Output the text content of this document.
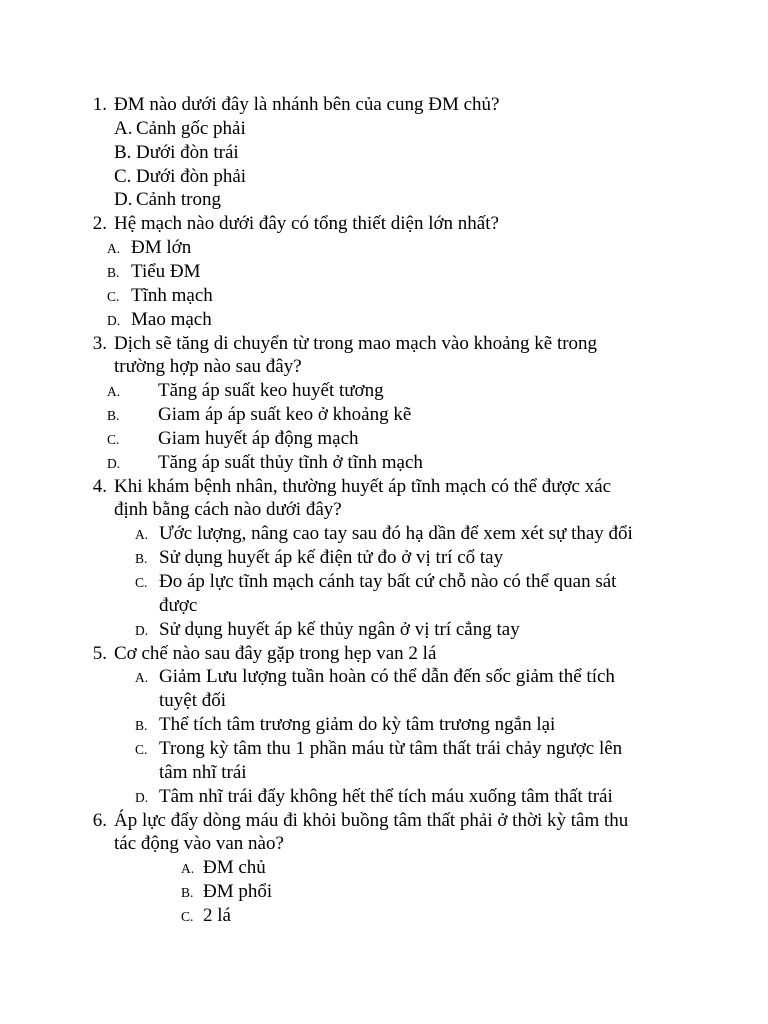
1. ĐM nào dưới đây là nhánh bên của cung ĐM chủ?
A. Cảnh gốc phải
B. Dưới đòn trái
C. Dưới đòn phải
D. Cảnh trong
2. Hệ mạch nào dưới đây có tổng thiết diện lớn nhất?
A. ĐM lớn
B. Tiểu ĐM
C. Tĩnh mạch
D. Mao mạch
3. Dịch sẽ tăng di chuyển từ trong mao mạch vào khoảng kẽ trong
trường hợp nào sau đây?
A. Tăng áp suất keo huyết tương
B. Giam áp áp suất keo ở khoảng kẽ
C. Giam huyết áp động mạch
D. Tăng áp suất thủy tĩnh ở tĩnh mạch
4. Khi khám bệnh nhân, thường huyết áp tĩnh mạch có thể được xác
định bằng cách nào dưới đây?
A. Ước lượng, nâng cao tay sau đó hạ dần để xem xét sự thay đổi
B. Sử dụng huyết áp kế điện tử đo ở vị trí cổ tay
C. Đo áp lực tĩnh mạch cánh tay bất cứ chỗ nào có thể quan sát
được
D. Sử dụng huyết áp kế thủy ngân ở vị trí cẳng tay
5. Cơ chế nào sau đây gặp trong hẹp van 2 lá
A. Giảm Lưu lượng tuần hoàn có thể dẫn đến sốc giảm thể tích
tuyệt đối
B. Thể tích tâm trương giảm do kỳ tâm trương ngắn lại
C. Trong kỳ tâm thu 1 phần máu từ tâm thất trái chảy ngược lên
tâm nhĩ trái
D. Tâm nhĩ trái đẩy không hết thể tích máu xuống tâm thất trái
6. Áp lực đẩy dòng máu đi khỏi buồng tâm thất phải ở thời kỳ tâm thu
tác động vào van nào?
A. ĐM chủ
B. ĐM phổi
C. 2 lá
